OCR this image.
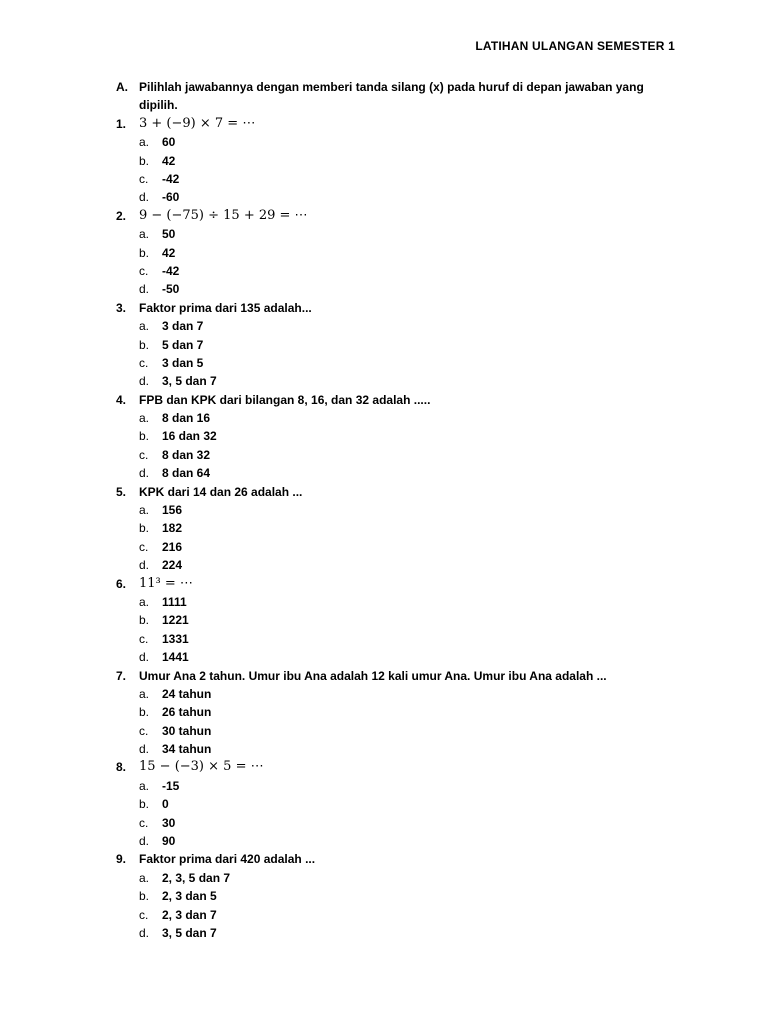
LATIHAN ULANGAN SEMESTER 1
A. Pilihlah jawabannya dengan memberi tanda silang (x) pada huruf di depan jawaban yang dipilih.
1. 3 + (−9) × 7 = ⋯
a.	60
b.	42
c.	-42
d.	-60
2. 9 − (−75) ÷ 15 + 29 = ⋯
a.	50
b.	42
c.	-42
d.	-50
3.	Faktor prima dari 135 adalah...
a.	3 dan 7
b.	5 dan 7
c.	3 dan 5
d.	3, 5 dan 7
4.	FPB dan KPK dari bilangan 8, 16, dan 32 adalah .....
a.	8 dan 16
b.	16 dan 32
c.	8 dan 32
d.	8 dan 64
5.	KPK dari 14 dan 26 adalah ...
a.	156
b.	182
c.	216
d.	224
6. 11³ = ⋯
a.	1111
b.	1221
c.	1331
d.	1441
7.	Umur Ana 2 tahun. Umur ibu Ana adalah 12 kali umur Ana. Umur ibu Ana adalah ...
a.	24 tahun
b.	26 tahun
c.	30 tahun
d.	34 tahun
8. 15 − (−3) × 5 = ⋯
a.	-15
b.	0
c.	30
d.	90
9.	Faktor prima dari 420 adalah ...
a.	2, 3, 5 dan 7
b.	2, 3 dan 5
c.	2, 3 dan 7
d.	3, 5 dan 7
